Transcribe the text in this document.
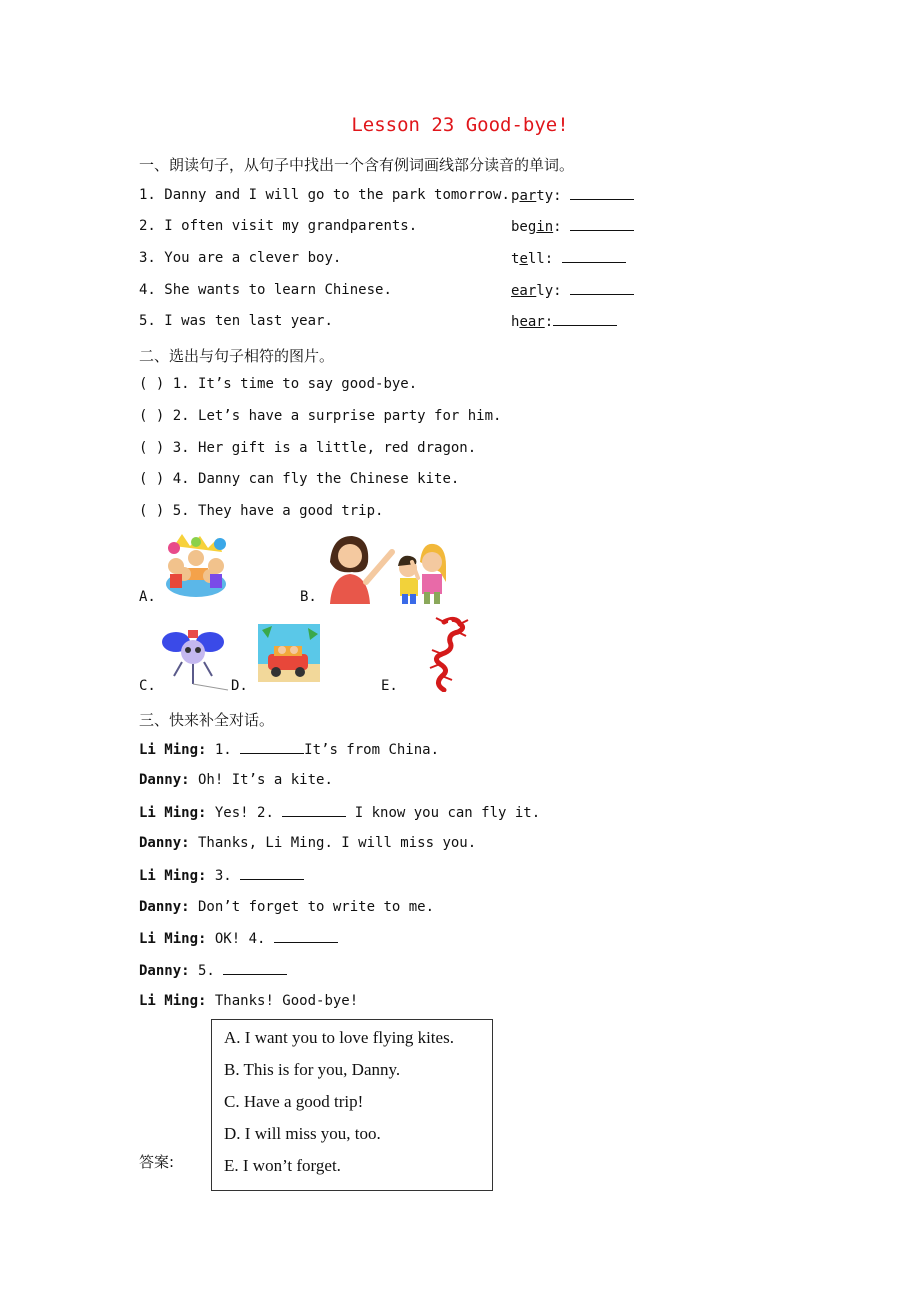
Lesson 23 Good-bye!
一、朗读句子，从句子中找出一个含有例词画线部分读音的单词。
1. Danny and I will go to the park tomorrow. party:
2. I often visit my grandparents.	begin:
3. You are a clever boy.	tell:
4. She wants to learn Chinese.	early:
5. I was ten last year.	hear:
二、选出与句子相符的图片。
( ) 1. It’s time to say good-bye.
( ) 2. Let’s have a surprise party for him.
( ) 3. Her gift is a little, red dragon.
( ) 4. Danny can fly the Chinese kite.
( ) 5. They have a good trip.
A.	B.
C.	D.	E.
三、快来补全对话。
Li Ming: 1.	It’s from China.
Danny: Oh! It’s a kite.
Li Ming: Yes! 2.	I know you can fly it.
Danny: Thanks, Li Ming. I will miss you.
Li Ming: 3.
Danny: Don’t forget to write to me.
Li Ming: OK! 4.
Danny: 5.
Li Ming: Thanks! Good-bye!
A. I want you to love flying kites.
B. This is for you, Danny.
C. Have a good trip!
D. I will miss you, too.
E. I won’t forget.
答案:
